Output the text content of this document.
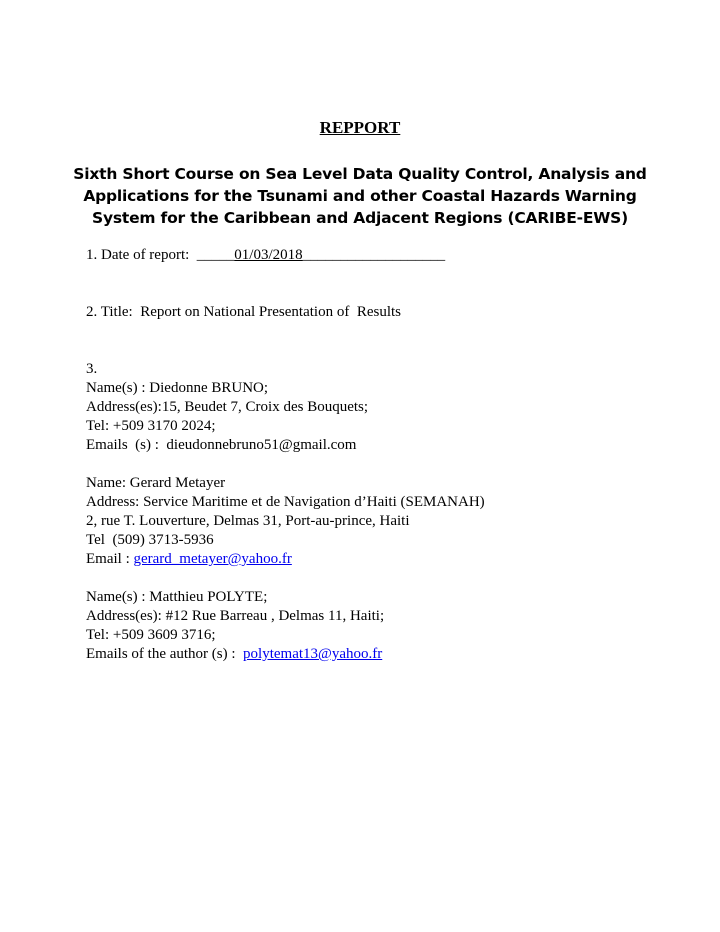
REPPORT
Sixth Short Course on Sea Level Data Quality Control, Analysis and Applications for the Tsunami and other Coastal Hazards Warning System for the Caribbean and Adjacent Regions (CARIBE-EWS)
1. Date of report:  _____01/03/2018___________________
2. Title:  Report on National Presentation of  Results
3.
Name(s) : Diedonne BRUNO;
Address(es):15, Beudet 7, Croix des Bouquets;
Tel: +509 3170 2024;
Emails  (s) :  dieudonnebruno51@gmail.com
Name: Gerard Metayer
Address: Service Maritime et de Navigation d’Haiti (SEMANAH)
2, rue T. Louverture, Delmas 31, Port-au-prince, Haiti
Tel  (509) 3713-5936
Email : gerard_metayer@yahoo.fr
Name(s) : Matthieu POLYTE;
Address(es): #12 Rue Barreau , Delmas 11, Haiti;
Tel: +509 3609 3716;
Emails of the author (s) :  polytemat13@yahoo.fr
